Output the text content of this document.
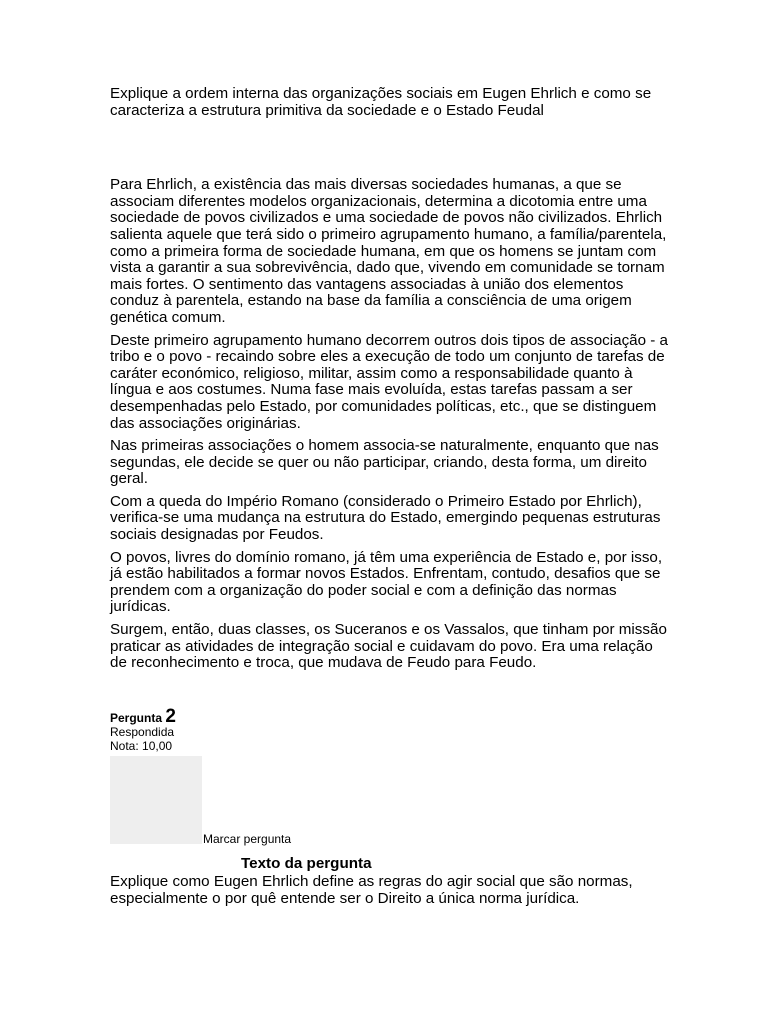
Explique a ordem interna das organizações sociais em Eugen Ehrlich e como se caracteriza a estrutura primitiva da sociedade e o Estado Feudal

Para Ehrlich, a existência das mais diversas sociedades humanas, a que se associam diferentes modelos organizacionais, determina a dicotomia entre uma sociedade de povos civilizados e uma sociedade de povos não civilizados. Ehrlich salienta aquele que terá sido o primeiro agrupamento humano, a família/parentela, como a primeira forma de sociedade humana, em que os homens se juntam com vista a garantir a sua sobrevivência, dado que, vivendo em comunidade se tornam mais fortes. O sentimento das vantagens associadas à união dos elementos conduz à parentela, estando na base da família a consciência de uma origem genética comum.

Deste primeiro agrupamento humano decorrem outros dois tipos de associação - a tribo e o povo - recaindo sobre eles a execução de todo um conjunto de tarefas de caráter económico, religioso, militar, assim como a responsabilidade quanto à língua e aos costumes. Numa fase mais evoluída, estas tarefas passam a ser desempenhadas pelo Estado, por comunidades políticas, etc., que se distinguem das associações originárias.

Nas primeiras associações o homem associa-se naturalmente, enquanto que nas segundas, ele decide se quer ou não participar, criando, desta forma, um direito geral.

Com a queda do Império Romano (considerado o Primeiro Estado por Ehrlich), verifica-se uma mudança na estrutura do Estado, emergindo pequenas estruturas sociais designadas por Feudos.

O povos, livres do domínio romano, já têm uma experiência de Estado e, por isso, já estão habilitados a formar novos Estados. Enfrentam, contudo, desafios que se prendem com a organização do poder social e com a definição das normas jurídicas.

Surgem, então, duas classes, os Suceranos e os Vassalos, que tinham por missão praticar as atividades de integração social e cuidavam do povo. Era uma relação de reconhecimento e troca, que mudava de Feudo para Feudo.

Pergunta 2

Respondida

Nota: 10,00

Marcar pergunta
Texto da pergunta

Explique como Eugen Ehrlich define as regras do agir social que são normas, especialmente o por quê entende ser o Direito a única norma jurídica.
